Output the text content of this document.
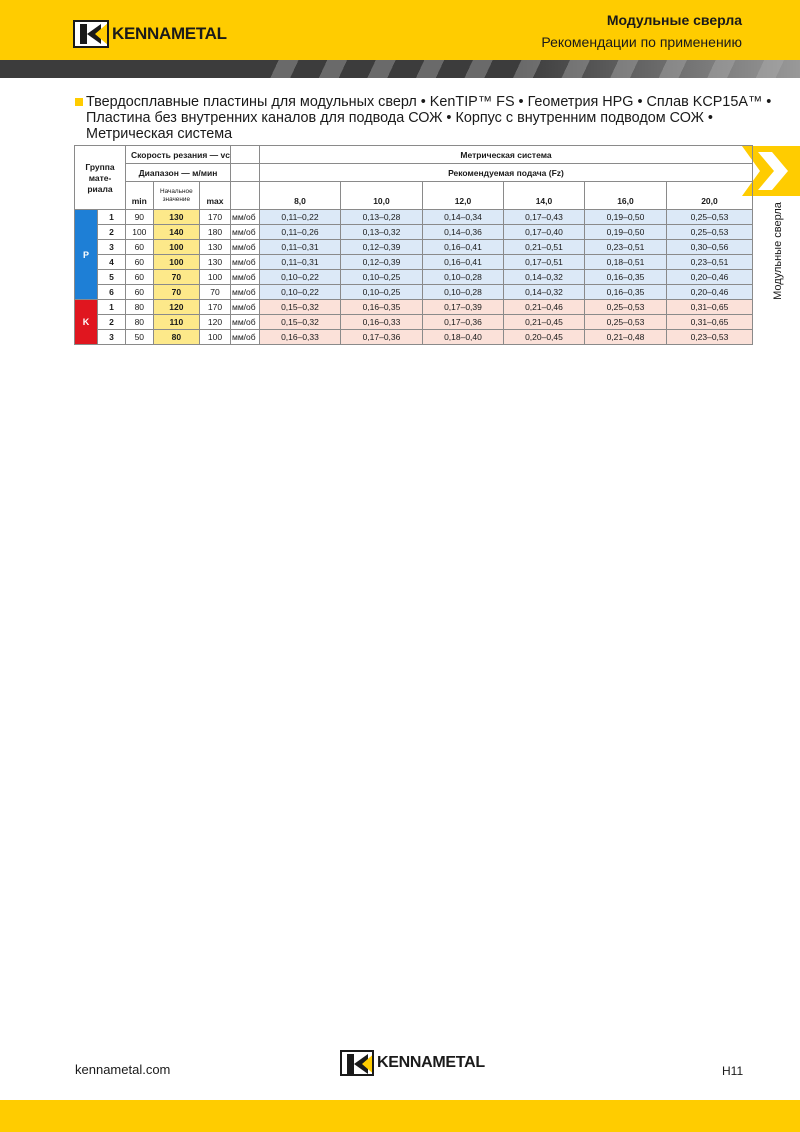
KENNAMETAL
Модульные сверла
Рекомендации по применению
Модульные сверла
Твердосплавные пластины для модульных сверл • KenTIP™ FS • Геометрия HPG • Сплав KCP15A™ •
Пластина без внутренних каналов для подвода СОЖ • Корпус с внутренним подводом СОЖ •
Метрическая система
Группа мате- риала		Скорость резания — vc				Метрическая система					
		Диапазон — м/мин				Рекомендуемая подача (Fz)					
		min	Начальное значение	max		8,0	10,0	12,0	14,0	16,0	20,0
P	1	90	130	170	мм/об	0,11–0,22	0,13–0,28	0,14–0,34	0,17–0,43	0,19–0,50	0,25–0,53
	2	100	140	180	мм/об	0,11–0,26	0,13–0,32	0,14–0,36	0,17–0,40	0,19–0,50	0,25–0,53
	3	60	100	130	мм/об	0,11–0,31	0,12–0,39	0,16–0,41	0,21–0,51	0,23–0,51	0,30–0,56
	4	60	100	130	мм/об	0,11–0,31	0,12–0,39	0,16–0,41	0,17–0,51	0,18–0,51	0,23–0,51
	5	60	70	100	мм/об	0,10–0,22	0,10–0,25	0,10–0,28	0,14–0,32	0,16–0,35	0,20–0,46
	6	60	70	70	мм/об	0,10–0,22	0,10–0,25	0,10–0,28	0,14–0,32	0,16–0,35	0,20–0,46
K	1	80	120	170	мм/об	0,15–0,32	0,16–0,35	0,17–0,39	0,21–0,46	0,25–0,53	0,31–0,65
	2	80	110	120	мм/об	0,15–0,32	0,16–0,33	0,17–0,36	0,21–0,45	0,25–0,53	0,31–0,65
	3	50	80	100	мм/об	0,16–0,33	0,17–0,36	0,18–0,40	0,20–0,45	0,21–0,48	0,23–0,53
kennametal.com	KENNAMETAL	H11
